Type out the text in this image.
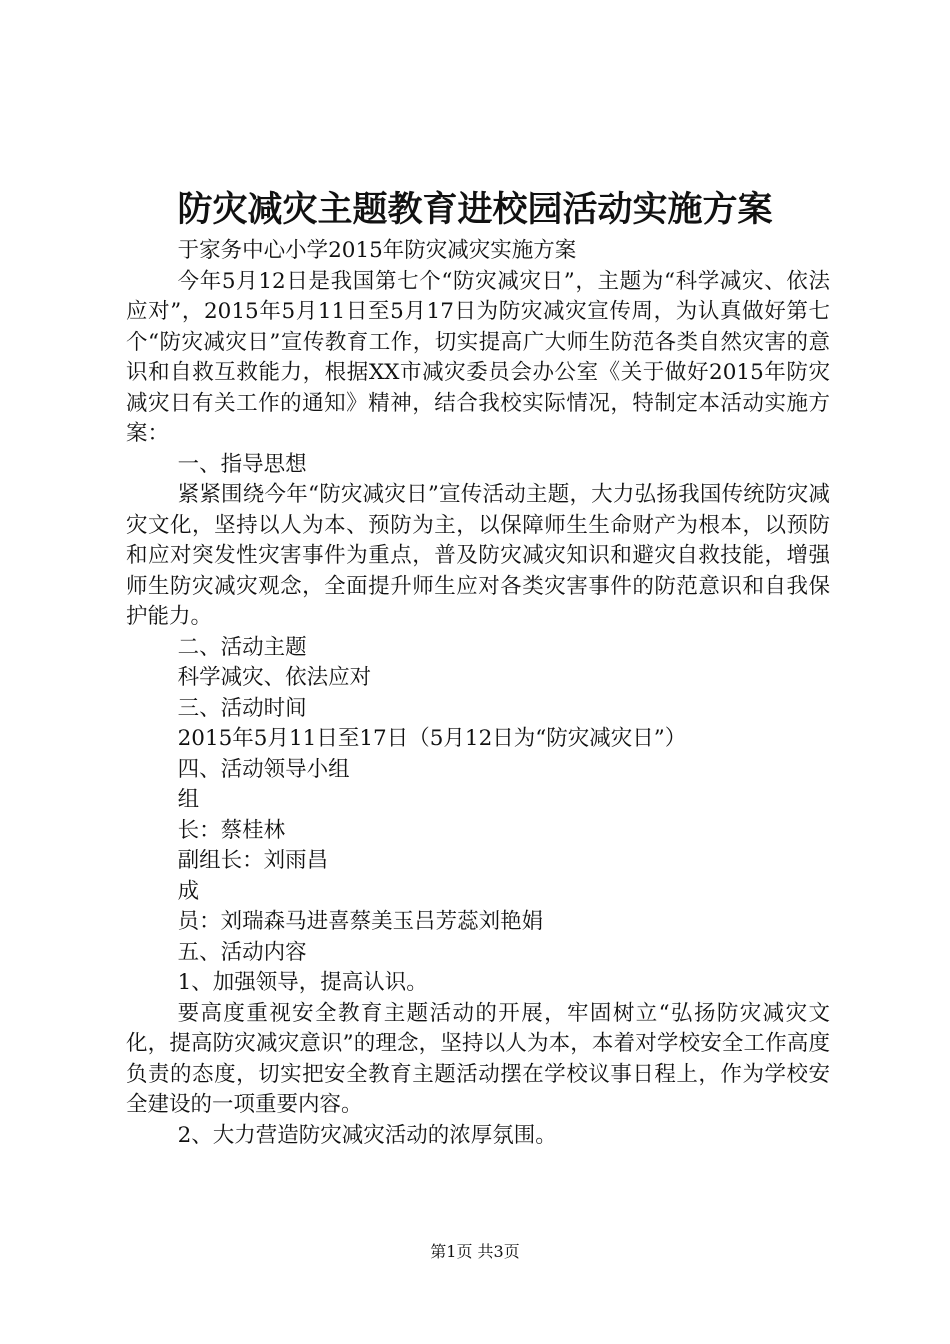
防灾减灾主题教育进校园活动实施方案

于家务中心小学2015年防灾减灾实施方案

今年5月12日是我国第七个“防灾减灾日”，主题为“科学减灾、依法应对”，2015年5月11日至5月17日为防灾减灾宣传周，为认真做好第七个“防灾减灾日”宣传教育工作，切实提高广大师生防范各类自然灾害的意识和自救互救能力，根据XX市减灾委员会办公室《关于做好2015年防灾减灾日有关工作的通知》精神，结合我校实际情况，特制定本活动实施方案：

一、指导思想

紧紧围绕今年“防灾减灾日”宣传活动主题，大力弘扬我国传统防灾减灾文化，坚持以人为本、预防为主，以保障师生生命财产为根本，以预防和应对突发性灾害事件为重点，普及防灾减灾知识和避灾自救技能，增强师生防灾减灾观念，全面提升师生应对各类灾害事件的防范意识和自我保护能力。

二、活动主题

科学减灾、依法应对

三、活动时间

2015年5月11日至17日（5月12日为“防灾减灾日”）

四、活动领导小组

组

长：蔡桂林

副组长：刘雨昌

成

员：刘瑞森马进喜蔡美玉吕芳蕊刘艳娟

五、活动内容

1、加强领导，提高认识。

要高度重视安全教育主题活动的开展，牢固树立“弘扬防灾减灾文化，提高防灾减灾意识”的理念，坚持以人为本，本着对学校安全工作高度负责的态度，切实把安全教育主题活动摆在学校议事日程上，作为学校安全建设的一项重要内容。

2、大力营造防灾减灾活动的浓厚氛围。

第1页 共3页
